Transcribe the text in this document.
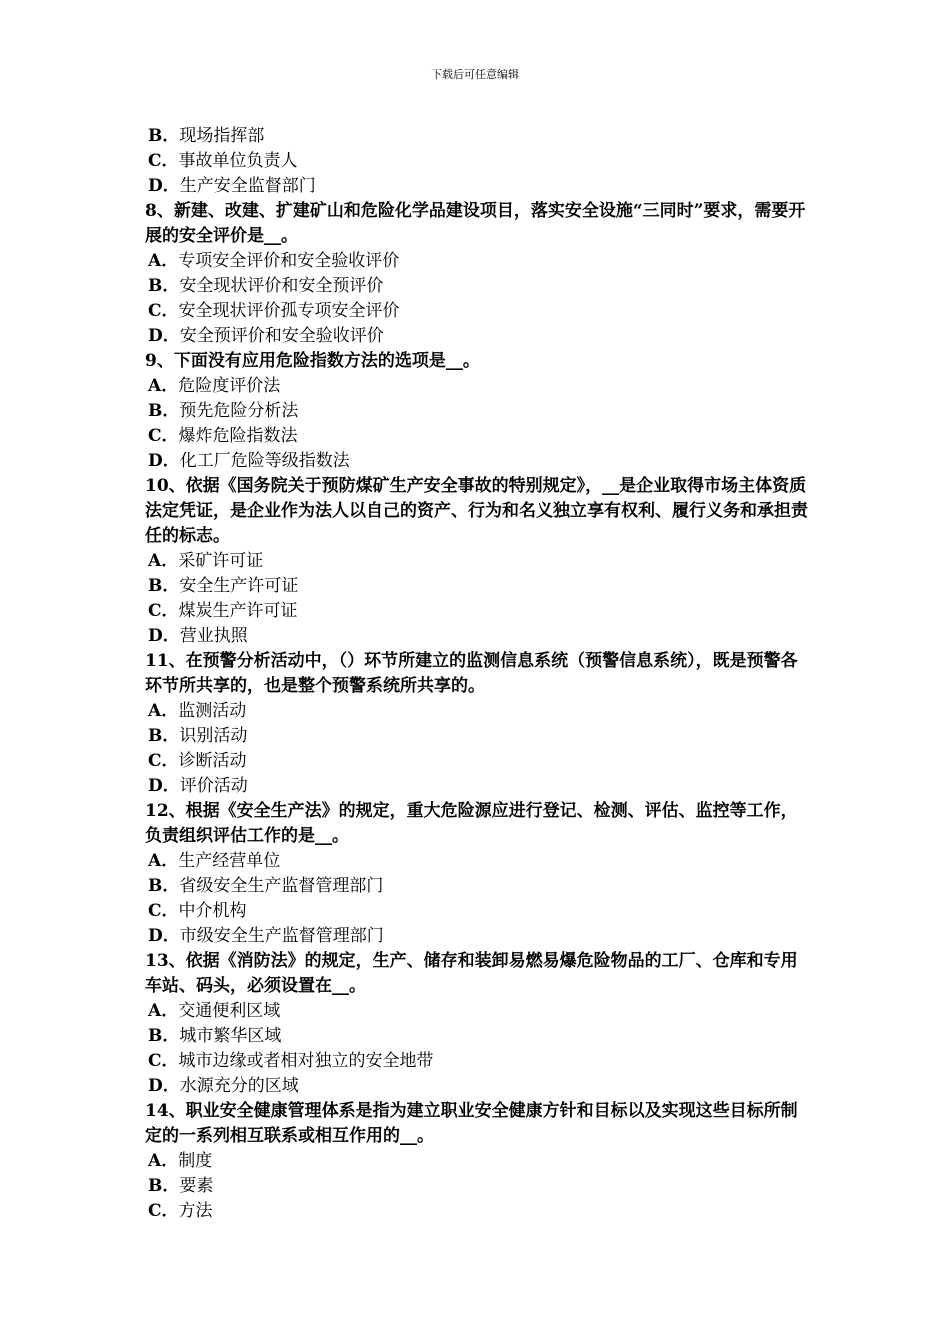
下载后可任意编辑
B．现场指挥部
C．事故单位负责人
D．生产安全监督部门
8、新建、改建、扩建矿山和危险化学品建设项目，落实安全设施“三同时”要求，需要开展的安全评价是__。
A．专项安全评价和安全验收评价
B．安全现状评价和安全预评价
C．安全现状评价孤专项安全评价
D．安全预评价和安全验收评价
9、下面没有应用危险指数方法的选项是__。
A．危险度评价法
B．预先危险分析法
C．爆炸危险指数法
D．化工厂危险等级指数法
10、依据《国务院关于预防煤矿生产安全事故的特别规定》，__是企业取得市场主体资质法定凭证，是企业作为法人以自己的资产、行为和名义独立享有权利、履行义务和承担责任的标志。
A．采矿许可证
B．安全生产许可证
C．煤炭生产许可证
D．营业执照
11、在预警分析活动中，（）环节所建立的监测信息系统（预警信息系统），既是预警各环节所共享的，也是整个预警系统所共享的。
A．监测活动
B．识别活动
C．诊断活动
D．评价活动
12、根据《安全生产法》的规定，重大危险源应进行登记、检测、评估、监控等工作，负责组织评估工作的是__。
A．生产经营单位
B．省级安全生产监督管理部门
C．中介机构
D．市级安全生产监督管理部门
13、依据《消防法》的规定，生产、储存和装卸易燃易爆危险物品的工厂、仓库和专用车站、码头，必须设置在__。
A．交通便利区域
B．城市繁华区域
C．城市边缘或者相对独立的安全地带
D．水源充分的区域
14、职业安全健康管理体系是指为建立职业安全健康方针和目标以及实现这些目标所制定的一系列相互联系或相互作用的__。
A．制度
B．要素
C．方法
